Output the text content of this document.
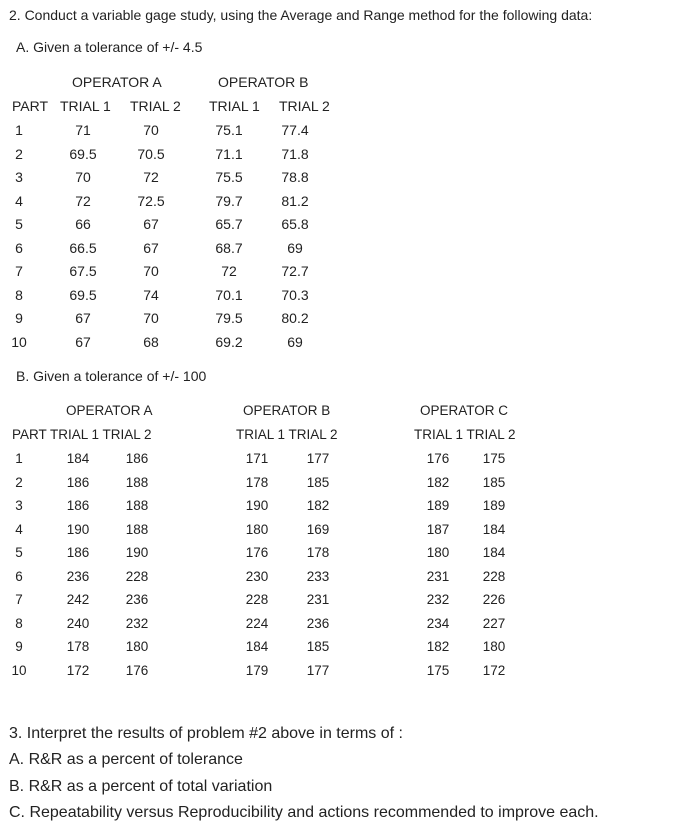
2. Conduct a variable gage study, using the Average and Range method for the following data:
A. Given a tolerance of +/- 4.5
OPERATOR A	OPERATOR B
PART TRIAL 1 TRIAL 2 TRIAL 1 TRIAL 2
1	71	70	75.1	77.4
2	69.5	70.5	71.1	71.8
3	70	72	75.5	78.8
4	72	72.5	79.7	81.2
5	66	67	65.7	65.8
6	66.5	67	68.7	69
7	67.5	70	72	72.7
8	69.5	74	70.1	70.3
9	67	70	79.5	80.2
10	67	68	69.2	69
B. Given a tolerance of +/- 100
OPERATOR A	OPERATOR B	OPERATOR C
PART TRIAL 1 TRIAL 2	TRIAL 1 TRIAL 2	TRIAL 1 TRIAL 2
1	184	186	171	177	176 175
2	186	188	178	185	182 185
3	186	188	190	182	189 189
4	190	188	180	169	187 184
5	186	190	176	178	180 184
6	236	228	230	233	231 228
7	242	236	228	231	232 226
8	240	232	224	236	234 227
9	178	180	184	185	182 180
10	172	176	179	177	175 172
3. Interpret the results of problem #2 above in terms of :
A. R&R as a percent of tolerance
B. R&R as a percent of total variation
C. Repeatability versus Reproducibility and actions recommended to improve each.
